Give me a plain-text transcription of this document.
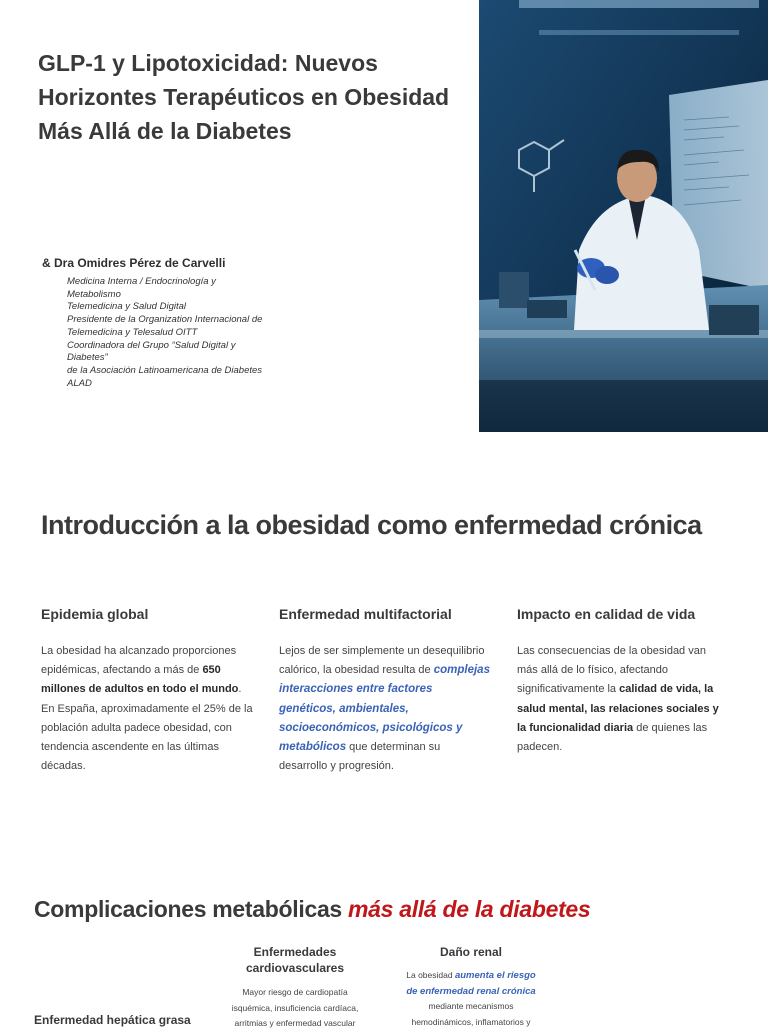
GLP-1 y Lipotoxicidad: Nuevos Horizontes Terapéuticos en Obesidad Más Allá de la Diabetes
& Dra Omidres Pérez de Carvelli
Medicina Interna / Endocrinología y
Metabolismo
Telemedicina y Salud Digital
Presidente de la Organization Internacional de
Telemedicina y Telesalud OITT
Coordinadora del Grupo “Salud Digital y
Diabetes”
de la Asociación Latinoamericana de Diabetes
ALAD
Introducción a la obesidad como enfermedad crónica
Epidemia global

La obesidad ha alcanzado proporciones epidémicas, afectando a más de 650 millones de adultos en todo el mundo. En España, aproximadamente el 25% de la población adulta padece obesidad, con tendencia ascendente en las últimas décadas.

Enfermedad multifactorial

Lejos de ser simplemente un desequilibrio calórico, la obesidad resulta de complejas interacciones entre factores genéticos, ambientales, socioeconómicos, psicológicos y metabólicos que determinan su desarrollo y progresión.

Impacto en calidad de vida

Las consecuencias de la obesidad van más allá de lo físico, afectando significativamente la calidad de vida, la salud mental, las relaciones sociales y la funcionalidad diaria de quienes las padecen.

Complicaciones metabólicas más allá de la diabetes
Enfermedad hepática grasa
Enfermedades cardiovasculares
Mayor riesgo de cardiopatía isquémica, insuficiencia cardíaca, arritmias y enfermedad vascular
Daño renal
La obesidad aumenta el riesgo de enfermedad renal crónica mediante mecanismos hemodinámicos, inflamatorios y
